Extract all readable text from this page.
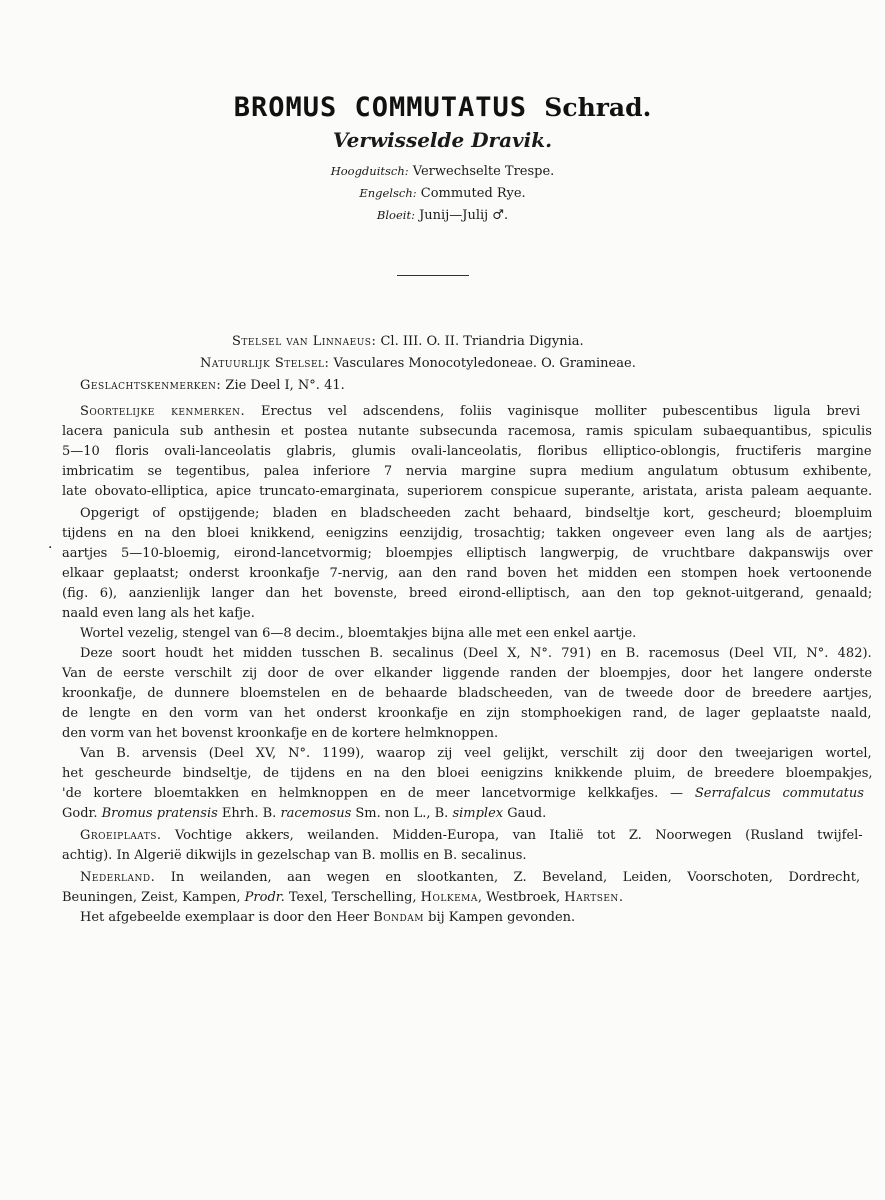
BROMUS COMMUTATUS Schrad.
Verwisselde Dravik.
Hoogduitsch: Verwechselte Trespe.
Engelsch: Commuted Rye.
Bloeit: Junij—Julij ♂.
Stelsel van Linnaeus: Cl. III. O. II. Triandria Digynia.
Natuurlijk Stelsel: Vasculares Monocotyledoneae. O. Gramineae.
Geslachtskenmerken: Zie Deel I, N°. 41.
Soortelijke kenmerken. Erectus vel adscendens, foliis vaginisque molliter pubescentibus ligula brevi
lacera panicula sub anthesin et postea nutante subsecunda racemosa, ramis spiculam subaequantibus, spiculis
5—10 floris ovali-lanceolatis glabris, glumis ovali-lanceolatis, floribus elliptico-oblongis, fructiferis margine
imbricatim se tegentibus, palea inferiore 7 nervia margine supra medium angulatum obtusum exhibente,
late obovato-elliptica, apice truncato-emarginata, superiorem conspicue superante, aristata, arista paleam aequante.
Opgerigt of opstijgende; bladen en bladscheeden zacht behaard, bindseltje kort, gescheurd; bloempluim
tijdens en na den bloei knikkend, eenigzins eenzijdig, trosachtig; takken ongeveer even lang als de aartjes;
aartjes 5—10-bloemig, eirond-lancetvormig; bloempjes elliptisch langwerpig, de vruchtbare dakpanswijs over
elkaar geplaatst; onderst kroonkafje 7-nervig, aan den rand boven het midden een stompen hoek vertoonende
(fig. 6), aanzienlijk langer dan het bovenste, breed eirond-elliptisch, aan den top geknot-uitgerand, genaald;
naald even lang als het kafje.
Wortel vezelig, stengel van 6—8 decim., bloemtakjes bijna alle met een enkel aartje.
Deze soort houdt het midden tusschen B. secalinus (Deel X, N°. 791) en B. racemosus (Deel VII, N°. 482).
Van de eerste verschilt zij door de over elkander liggende randen der bloempjes, door het langere onderste
kroonkafje, de dunnere bloemstelen en de behaarde bladscheeden, van de tweede door de breedere aartjes,
de lengte en den vorm van het onderst kroonkafje en zijn stomphoekigen rand, de lager geplaatste naald,
den vorm van het bovenst kroonkafje en de kortere helmknoppen.
Van B. arvensis (Deel XV, N°. 1199), waarop zij veel gelijkt, verschilt zij door den tweejarigen wortel,
het gescheurde bindseltje, de tijdens en na den bloei eenigzins knikkende pluim, de breedere bloempakjes,
'de kortere bloemtakken en helmknoppen en de meer lancetvormige kelkkafjes. — Serrafalcus commutatus
Godr. Bromus pratensis Ehrh. B. racemosus Sm. non L., B. simplex Gaud.
Groeiplaats. Vochtige akkers, weilanden. Midden-Europa, van Italië tot Z. Noorwegen (Rusland twijfel-
achtig). In Algerië dikwijls in gezelschap van B. mollis en B. secalinus.
Nederland. In weilanden, aan wegen en slootkanten, Z. Beveland, Leiden, Voorschoten, Dordrecht,
Beuningen, Zeist, Kampen, Prodr. Texel, Terschelling, Holkema, Westbroek, Hartsen.
Het afgebeelde exemplaar is door den Heer Bondam bij Kampen gevonden.
·
